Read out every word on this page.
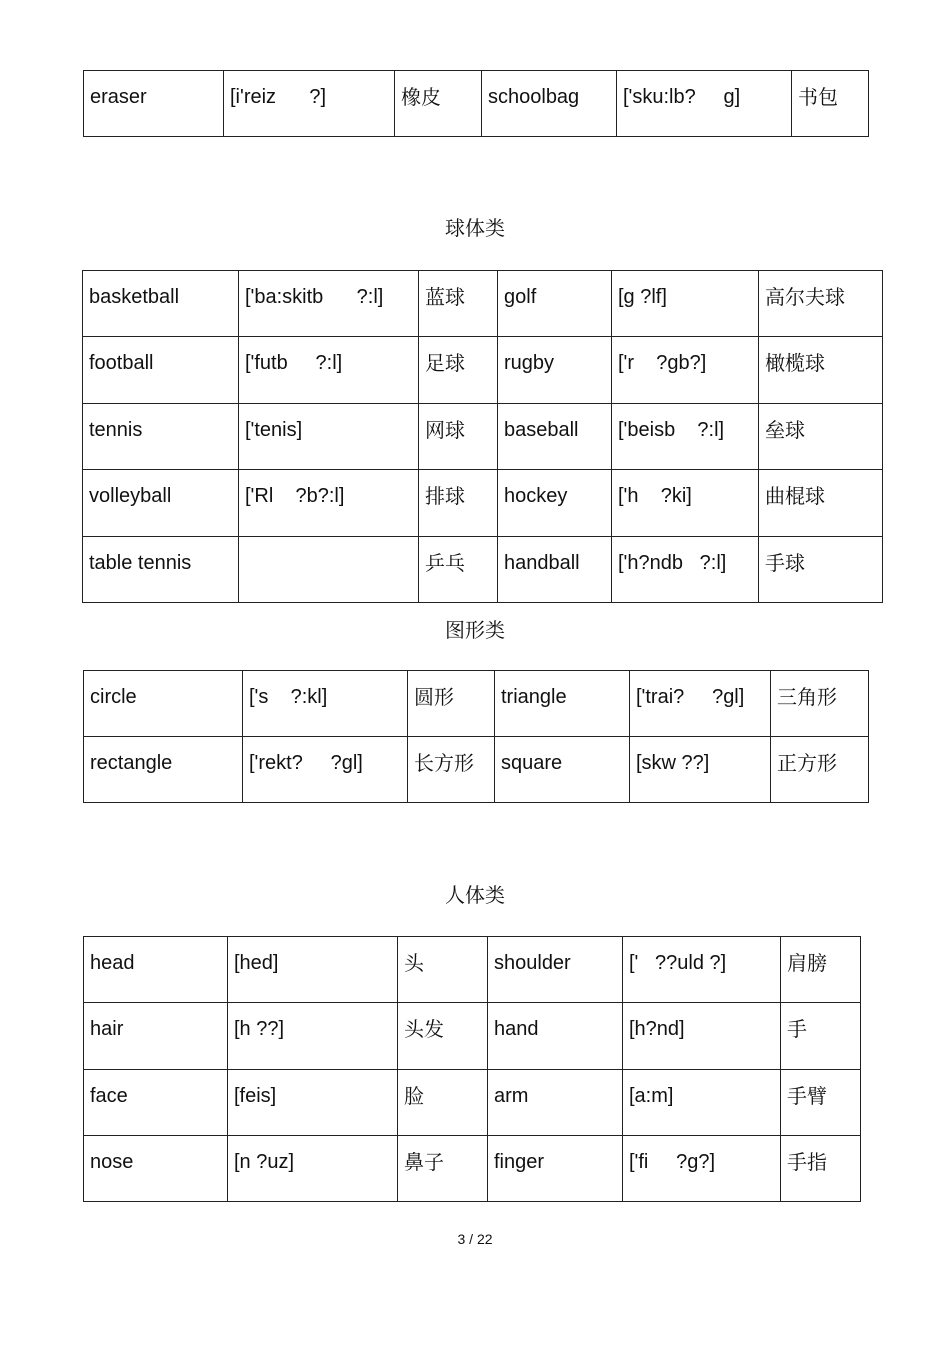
eraser	[i'reiz      ?]	橡皮	schoolbag	['sku:lb?     g]	书包
球体类
basketball	['ba:skitb      ?:l]	蓝球	golf	[g ?lf]	高尔夫球
football	['futb     ?:l]	足球	rugby	['r    ?gb?]	橄榄球
tennis	['tenis]	网球	baseball	['beisb    ?:l]	垒球
volleyball	['Rl    ?b?:l]	排球	hockey	['h    ?ki]	曲棍球
table tennis		乒乓	handball	['h?ndb   ?:l]	手球
图形类
circle	['s    ?:kl]	圆形	triangle	['trai?     ?gl]	三角形
rectangle	['rekt?     ?gl]	长方形	square	[skw ??]	正方形
人体类
head	[hed]	头	shoulder	['   ??uld ?]	肩膀
hair	[h ??]	头发	hand	[h?nd]	手
face	[feis]	脸	arm	[a:m]	手臂
nose	[n ?uz]	鼻子	finger	['fi     ?g?]	手指
3 / 22
